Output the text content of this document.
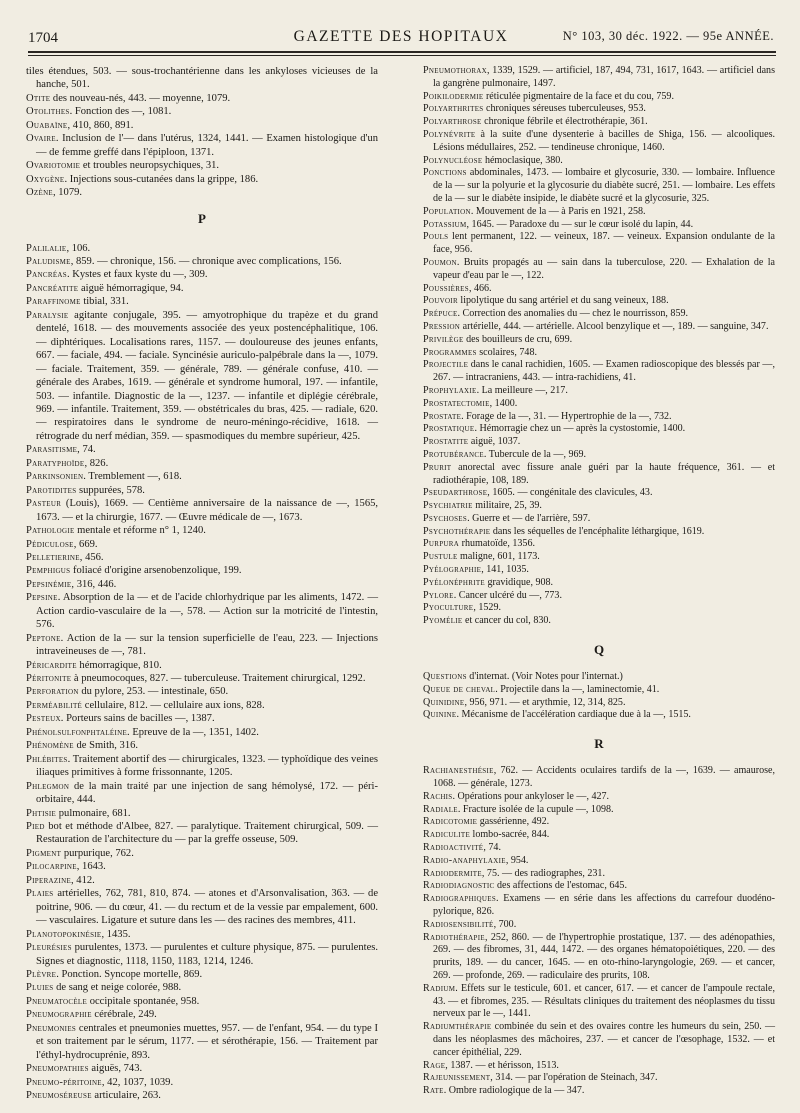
1704	GAZETTE DES HOPITAUX	N° 103, 30 déc. 1922. — 95e ANNÉE.

tiles étendues, 503. — sous-trochantérienne dans les ankyloses vicieuses de la hanche, 501.

Otite des nouveau-nés, 443. — moyenne, 1079.

Otolithes. Fonction des —, 1081.

Ouabaïne, 410, 860, 891.

Ovaire. Inclusion de l'— dans l'utérus, 1324, 1441. — Examen histologique d'un — de femme greffé dans l'épiploon, 1371.

Ovariotomie et troubles neuropsychiques, 31.

Oxygène. Injections sous-cutanées dans la grippe, 186.

Ozène, 1079.

P

Palilalie, 106.

Paludisme, 859. — chronique, 156. — chronique avec complications, 156.

Pancréas. Kystes et faux kyste du —, 309.

Pancréatite aiguë hémorragique, 94.

Paraffinome tibial, 331.

Paralysie agitante conjugale, 395. — amyotrophique du trapèze et du grand dentelé, 1618. — des mouvements associée des yeux postencéphalitique, 106. — diphtériques. Localisations rares, 1157. — douloureuse des jeunes enfants, 667. — faciale, 494. — faciale. Syncinésie auriculo-palpébrale dans la —, 1079. — faciale. Traitement, 359. — générale, 789. — générale confuse, 410. — générale des Arabes, 1619. — générale et syndrome humoral, 197. — infantile, 503. — infantile. Diagnostic de la —, 1237. — infantile et diplégie cérébrale, 969. — infantile. Traitement, 359. — obstétricales du bras, 425. — radiale, 620. — respiratoires dans le syndrome de neuro-méningo-récidive, 1618. — rétrograde du nerf médian, 359. — spasmodiques du membre supérieur, 425.

Parasitisme, 74.

Paratyphoïde, 826.

Parkinsonien. Tremblement —, 618.

Parotidites suppurées, 578.

Pasteur (Louis), 1669. — Centième anniversaire de la naissance de —, 1565, 1673. — et la chirurgie, 1677. — Œuvre médicale de —, 1673.

Pathologie mentale et réforme n° 1, 1240.

Pédiculose, 669.

Pelletierine, 456.

Pemphigus foliacé d'origine arsenobenzolique, 199.

Pepsinémie, 316, 446.

Pepsine. Absorption de la — et de l'acide chlorhydrique par les aliments, 1472. — Action cardio-vasculaire de la —, 578. — Action sur la motricité de l'intestin, 576.

Peptone. Action de la — sur la tension superficielle de l'eau, 223. — Injections intraveineuses de —, 781.

Péricardite hémorragique, 810.

Péritonite à pneumocoques, 827. — tuberculeuse. Traitement chirurgical, 1292.

Perforation du pylore, 253. — intestinale, 650.

Perméabilité cellulaire, 812. — cellulaire aux ions, 828.

Pesteux. Porteurs sains de bacilles —, 1387.

Phénolsulfonphtaléine. Epreuve de la —, 1351, 1402.

Phénomène de Smith, 316.

Phlébites. Traitement abortif des — chirurgicales, 1323. — typhoïdique des veines iliaques primitives à forme frissonnante, 1205.

Phlegmon de la main traité par une injection de sang hémolysé, 172. — péri-orbitaire, 444.

Phtisie pulmonaire, 681.

Pied bot et méthode d'Albee, 827. — paralytique. Traitement chirurgical, 509. — Restauration de l'architecture du — par la greffe osseuse, 509.

Pigment purpurique, 762.

Pilocarpine, 1643.

Piperazine, 412.

Plaies artérielles, 762, 781, 810, 874. — atones et d'Arsonvalisation, 363. — de poitrine, 906. — du cœur, 41. — du rectum et de la vessie par empalement, 600. — vasculaires. Ligature et suture dans les — des racines des membres, 411.

Planotopokinésie, 1435.

Pleurésies purulentes, 1373. — purulentes et culture physique, 875. — purulentes. Signes et diagnostic, 1118, 1150, 1183, 1214, 1246.

Plèvre. Ponction. Syncope mortelle, 869.

Pluies de sang et neige colorée, 988.

Pneumatocèle occipitale spontanée, 958.

Pneumographie cérébrale, 249.

Pneumonies centrales et pneumonies muettes, 957. — de l'enfant, 954. — du type I et son traitement par le sérum, 1177. — et sérothérapie, 156. — Traitement par l'éthyl-hydrocuprénie, 893.

Pneumopathies aiguës, 743.

Pneumo-péritoine, 42, 1037, 1039.

Pneumoséreuse articulaire, 263.

Pneumothorax, 1339, 1529. — artificiel, 187, 494, 731, 1617, 1643. — artificiel dans la gangrène pulmonaire, 1497.

Poikilodermie réticulée pigmentaire de la face et du cou, 759.

Polyarthrites chroniques séreuses tuberculeuses, 953.

Polyarthrose chronique fébrile et électrothérapie, 361.

Polynévrite à la suite d'une dysenterie à bacilles de Shiga, 156. — alcooliques. Lésions médullaires, 252. — tendineuse chronique, 1460.

Polynucléose hémoclasique, 380.

Ponctions abdominales, 1473. — lombaire et glycosurie, 330. — lombaire. Influence de la — sur la polyurie et la glycosurie du diabète sucré, 251. — lombaire. Les effets de la — sur le diabète insipide, le diabète sucré et la glycosurie, 325.

Population. Mouvement de la — à Paris en 1921, 258.

Potassium, 1645. — Paradoxe du — sur le cœur isolé du lapin, 44.

Pouls lent permanent, 122. — veineux, 187. — veineux. Expansion ondulante de la face, 956.

Poumon. Bruits propagés au — sain dans la tuberculose, 220. — Exhalation de la vapeur d'eau par le —, 122.

Poussières, 466.

Pouvoir lipolytique du sang artériel et du sang veineux, 188.

Prépuce. Correction des anomalies du — chez le nourrisson, 859.

Pression artérielle, 444. — artérielle. Alcool benzylique et —, 189. — sanguine, 347.

Privilège des bouilleurs de cru, 699.

Programmes scolaires, 748.

Projectile dans le canal rachidien, 1605. — Examen radioscopique des blessés par —, 267. — intracraniens, 443. — intra-rachidiens, 41.

Prophylaxie. La meilleure —, 217.

Prostatectomie, 1400.

Prostate. Forage de la —, 31. — Hypertrophie de la —, 732.

Prostatique. Hémorragie chez un — après la cystostomie, 1400.

Prostatite aiguë, 1037.

Protubérance. Tubercule de la —, 969.

Prurit anorectal avec fissure anale guéri par la haute fréquence, 361. — et radiothérapie, 108, 189.

Pseudarthrose, 1605. — congénitale des clavicules, 43.

Psychiatrie militaire, 25, 39.

Psychoses. Guerre et — de l'arrière, 597.

Psychothérapie dans les séquelles de l'encéphalite léthargique, 1619.

Purpura rhumatoïde, 1356.

Pustule maligne, 601, 1173.

Pyélographie, 141, 1035.

Pyélonéphrite gravidique, 908.

Pylore. Cancer ulcéré du —, 773.

Pyoculture, 1529.

Pyomélie et cancer du col, 830.

Q

Questions d'internat. (Voir Notes pour l'internat.)

Queue de cheval. Projectile dans la —, laminectomie, 41.

Quinidine, 956, 971. — et arythmie, 12, 314, 825.

Quinine. Mécanisme de l'accélération cardiaque due à la —, 1515.

R

Rachianesthésie, 762. — Accidents oculaires tardifs de la —, 1639. — amaurose, 1068. — générale, 1273.

Rachis. Opérations pour ankyloser le —, 427.

Radiale. Fracture isolée de la cupule —, 1098.

Radicotomie gassérienne, 492.

Radiculite lombo-sacrée, 844.

Radioactivité, 74.

Radio-anaphylaxie, 954.

Radiodermite, 75. — des radiographes, 231.

Radiodiagnostic des affections de l'estomac, 645.

Radiographiques. Examens — en série dans les affections du carrefour duodéno-pylorique, 826.

Radiosensibilité, 700.

Radiothérapie, 252, 860. — de l'hypertrophie prostatique, 137. — des adénopathies, 269. — des fibromes, 31, 444, 1472. — des organes hématopoiétiques, 220. — des prurits, 189. — du cancer, 1645. — en oto-rhino-laryngologie, 269. — et cancer, 269. — profonde, 269. — radiculaire des prurits, 108.

Radium. Effets sur le testicule, 601. et cancer, 617. — et cancer de l'ampoule rectale, 43. — et fibromes, 235. — Résultats cliniques du traitement des néoplasmes du tissu nerveux par le —, 1441.

Radiumthérapie combinée du sein et des ovaires contre les humeurs du sein, 250. — dans les néoplasmes des mâchoires, 237. — et cancer de l'œsophage, 1532. — et cancer épithélial, 229.

Rage, 1387. — et hérisson, 1513.

Rajeunissement, 314. — par l'opération de Steinach, 347.

Rate. Ombre radiologique de la — 347.
